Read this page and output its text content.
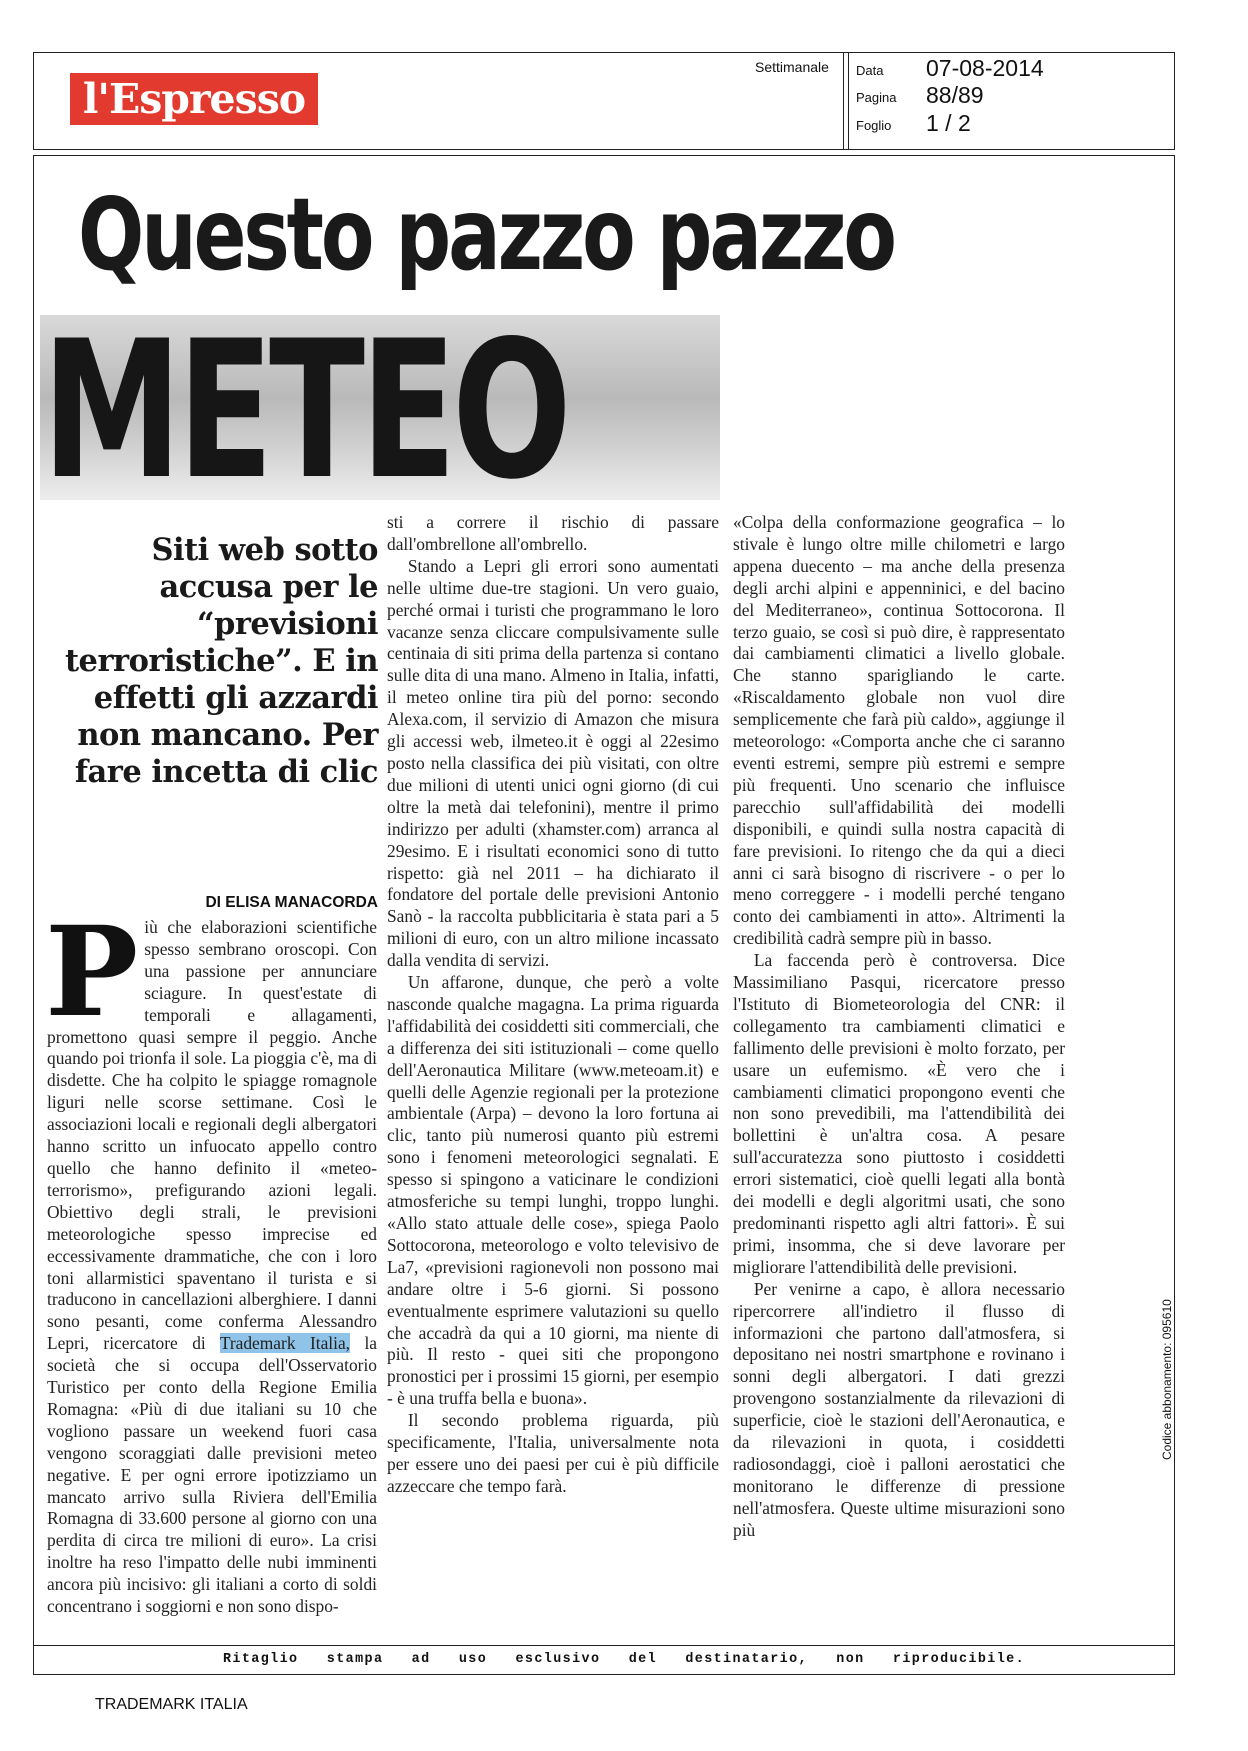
l'Espresso
Settimanale Data 07-08-2014
Pagina 88/89
Foglio 1 / 2
Questo pazzo pazzo
METEO
Siti web sotto accusa per le “previsioni terroristiche”. E in effetti gli azzardi non mancano. Per fare incetta di clic
DI ELISA MANACORDA

Più che elaborazioni scientifiche spesso sembrano oroscopi. Con una passione per annunciare sciagure. In quest'estate di temporali e allagamenti, promettono quasi sempre il peggio. Anche quando poi trionfa il sole. La pioggia c'è, ma di disdette. Che ha colpito le spiagge romagnole liguri nelle scorse settimane. Così le associazioni locali e regionali degli albergatori hanno scritto un infuocato appello contro quello che hanno definito il «meteo-terrorismo», prefigurando azioni legali. Obiettivo degli strali, le previsioni meteorologiche spesso imprecise ed eccessivamente drammatiche, che con i loro toni allarmistici spaventano il turista e si traducono in cancellazioni alberghiere. I danni sono pesanti, come conferma Alessandro Lepri, ricercatore di Trademark Italia, la società che si occupa dell'Osservatorio Turistico per conto della Regione Emilia Romagna: «Più di due italiani su 10 che vogliono passare un weekend fuori casa vengono scoraggiati dalle previsioni meteo negative. E per ogni errore ipotizziamo un mancato arrivo sulla Riviera dell'Emilia Romagna di 33.600 persone al giorno con una perdita di circa tre milioni di euro». La crisi inoltre ha reso l'impatto delle nubi imminenti ancora più incisivo: gli italiani a corto di soldi concentrano i soggiorni e non sono dispo-

sti a correre il rischio di passare dall'ombrellone all'ombrello.

Stando a Lepri gli errori sono aumentati nelle ultime due-tre stagioni. Un vero guaio, perché ormai i turisti che programmano le loro vacanze senza cliccare compulsivamente sulle centinaia di siti prima della partenza si contano sulle dita di una mano. Almeno in Italia, infatti, il meteo online tira più del porno: secondo Alexa.com, il servizio di Amazon che misura gli accessi web, ilmeteo.it è oggi al 22esimo posto nella classifica dei più visitati, con oltre due milioni di utenti unici ogni giorno (di cui oltre la metà dai telefonini), mentre il primo indirizzo per adulti (xhamster.com) arranca al 29esimo. E i risultati economici sono di tutto rispetto: già nel 2011 – ha dichiarato il fondatore del portale delle previsioni Antonio Sanò - la raccolta pubblicitaria è stata pari a 5 milioni di euro, con un altro milione incassato dalla vendita di servizi.

Un affarone, dunque, che però a volte nasconde qualche magagna. La prima riguarda l'affidabilità dei cosiddetti siti commerciali, che a differenza dei siti istituzionali – come quello dell'Aeronautica Militare (www.meteoam.it) e quelli delle Agenzie regionali per la protezione ambientale (Arpa) – devono la loro fortuna ai clic, tanto più numerosi quanto più estremi sono i fenomeni meteorologici segnalati. E spesso si spingono a vaticinare le condizioni atmosferiche su tempi lunghi, troppo lunghi. «Allo stato attuale delle cose», spiega Paolo Sottocorona, meteorologo e volto televisivo de La7, «previsioni ragionevoli non possono mai andare oltre i 5-6 giorni. Si possono eventualmente esprimere valutazioni su quello che accadrà da qui a 10 giorni, ma niente di più. Il resto - quei siti che propongono pronostici per i prossimi 15 giorni, per esempio - è una truffa bella e buona».

Il secondo problema riguarda, più specificamente, l'Italia, universalmente nota per essere uno dei paesi per cui è più difficile azzeccare che tempo farà.

«Colpa della conformazione geografica – lo stivale è lungo oltre mille chilometri e largo appena duecento – ma anche della presenza degli archi alpini e appenninici, e del bacino del Mediterraneo», continua Sottocorona. Il terzo guaio, se così si può dire, è rappresentato dai cambiamenti climatici a livello globale. Che stanno sparigliando le carte. «Riscaldamento globale non vuol dire semplicemente che farà più caldo», aggiunge il meteorologo: «Comporta anche che ci saranno eventi estremi, sempre più estremi e sempre più frequenti. Uno scenario che influisce parecchio sull'affidabilità dei modelli disponibili, e quindi sulla nostra capacità di fare previsioni. Io ritengo che da qui a dieci anni ci sarà bisogno di riscrivere - o per lo meno correggere - i modelli perché tengano conto dei cambiamenti in atto». Altrimenti la credibilità cadrà sempre più in basso.

La faccenda però è controversa. Dice Massimiliano Pasqui, ricercatore presso l'Istituto di Biometeorologia del CNR: il collegamento tra cambiamenti climatici e fallimento delle previsioni è molto forzato, per usare un eufemismo. «È vero che i cambiamenti climatici propongono eventi che non sono prevedibili, ma l'attendibilità dei bollettini è un'altra cosa. A pesare sull'accuratezza sono piuttosto i cosiddetti errori sistematici, cioè quelli legati alla bontà dei modelli e degli algoritmi usati, che sono predominanti rispetto agli altri fattori». È sui primi, insomma, che si deve lavorare per migliorare l'attendibilità delle previsioni.

Per venirne a capo, è allora necessario ripercorrere all'indietro il flusso di informazioni che partono dall'atmosfera, si depositano nei nostri smartphone e rovinano i sonni degli albergatori. I dati grezzi provengono sostanzialmente da rilevazioni di superficie, cioè le stazioni dell'Aeronautica, e da rilevazioni in quota, i cosiddetti radiosondaggi, cioè i palloni aerostatici che monitorano le differenze di pressione nell'atmosfera. Queste ultime misurazioni sono più

Codice abbonamento: 095610
Ritaglio   stampa   ad   uso   esclusivo   del   destinatario,   non   riproducibile.
TRADEMARK ITALIA
